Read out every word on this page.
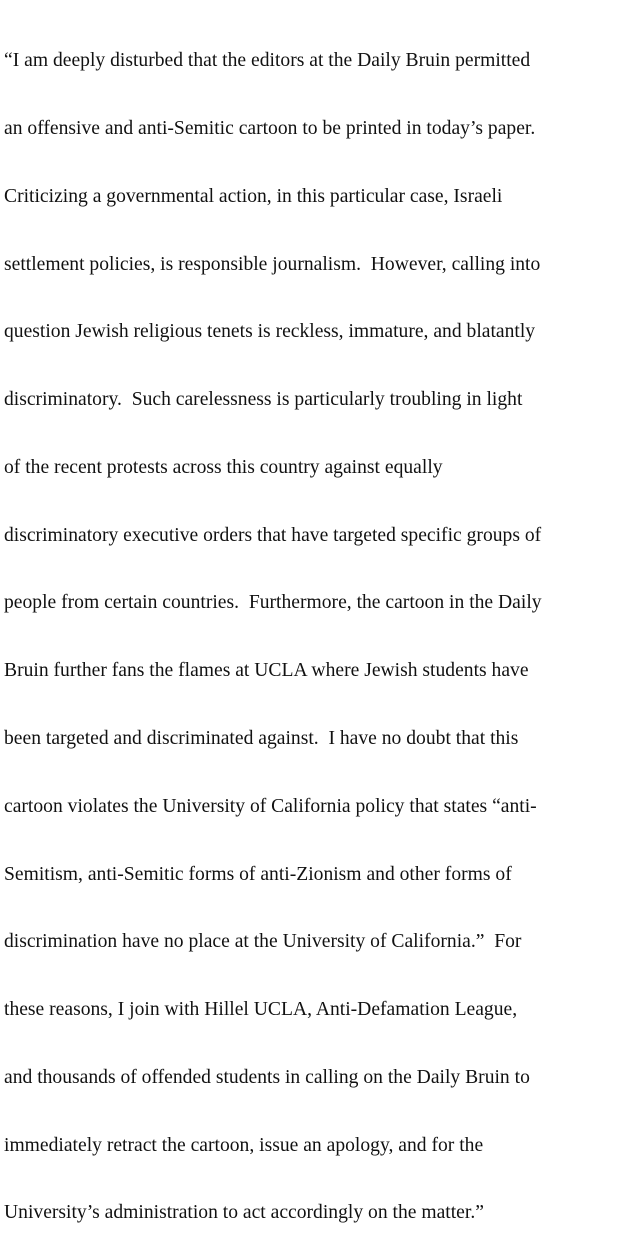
“I am deeply disturbed that the editors at the Daily Bruin permitted

an offensive and anti-Semitic cartoon to be printed in today’s paper.

Criticizing a governmental action, in this particular case, Israeli

settlement policies, is responsible journalism.  However, calling into

question Jewish religious tenets is reckless, immature, and blatantly

discriminatory.  Such carelessness is particularly troubling in light

of the recent protests across this country against equally

discriminatory executive orders that have targeted specific groups of

people from certain countries.  Furthermore, the cartoon in the Daily

Bruin further fans the flames at UCLA where Jewish students have

been targeted and discriminated against.  I have no doubt that this

cartoon violates the University of California policy that states “anti-

Semitism, anti-Semitic forms of anti-Zionism and other forms of

discrimination have no place at the University of California.”  For

these reasons, I join with Hillel UCLA, Anti-Defamation League,

and thousands of offended students in calling on the Daily Bruin to

immediately retract the cartoon, issue an apology, and for the

University’s administration to act accordingly on the matter.”
